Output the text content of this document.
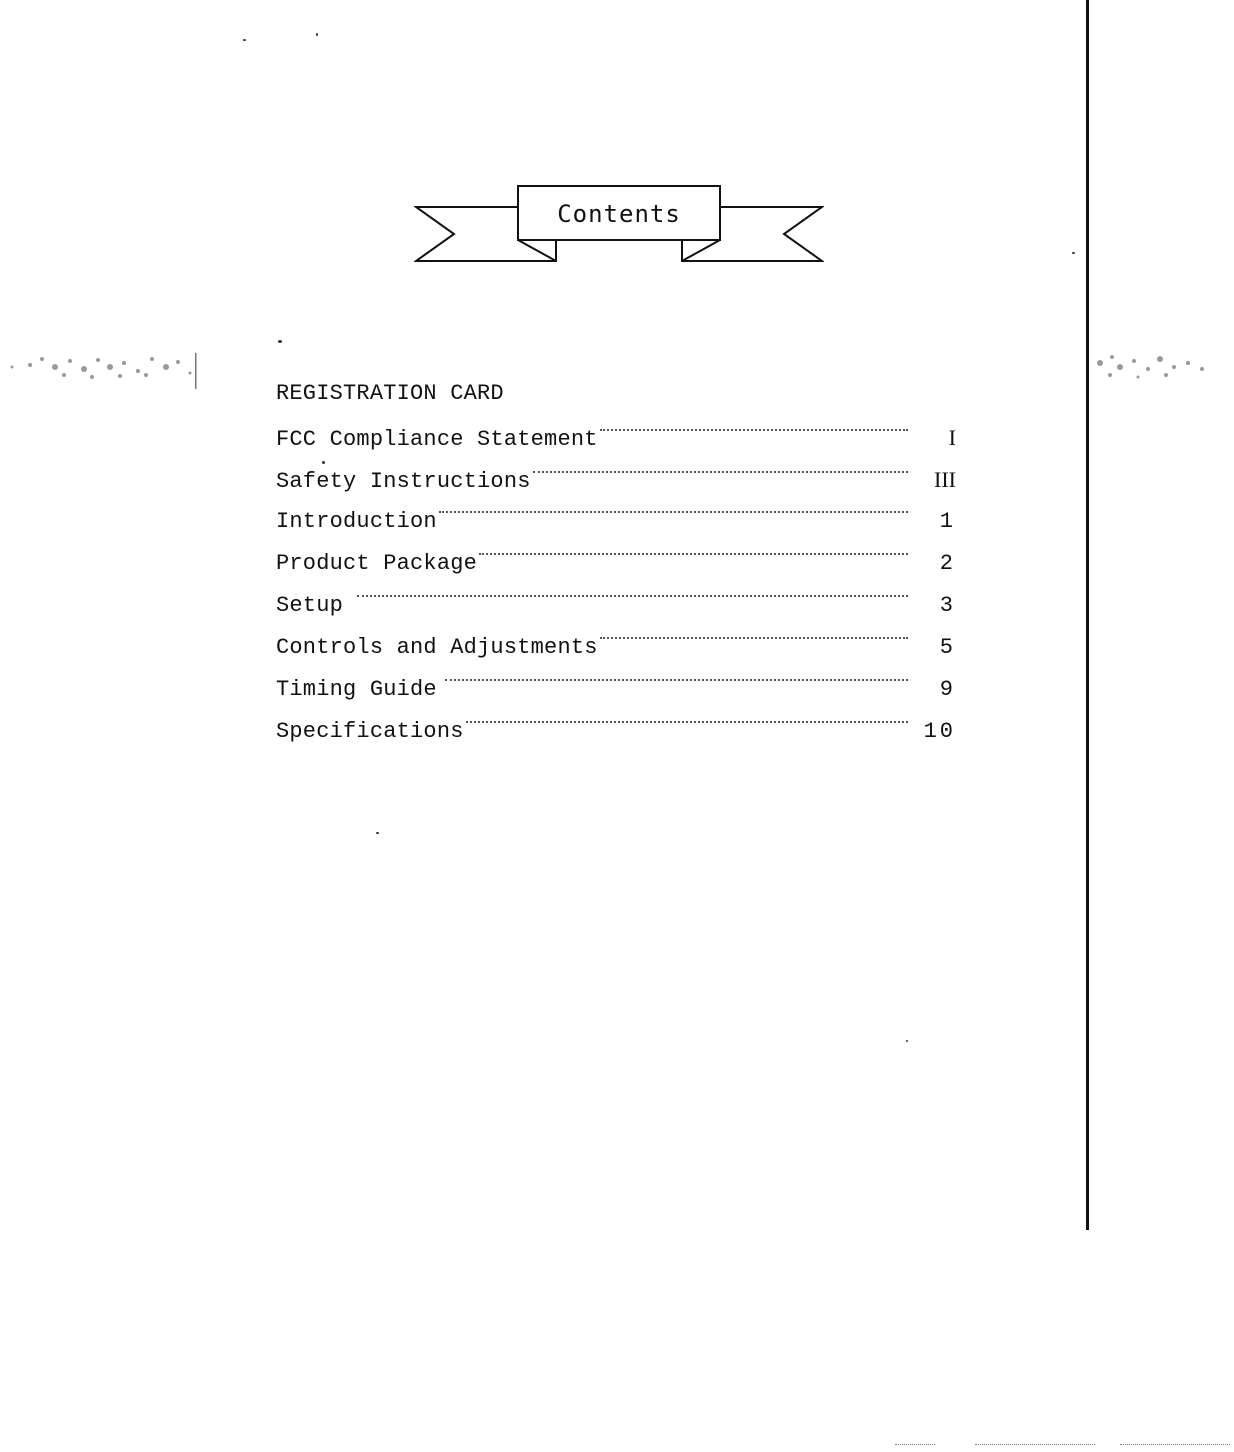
Contents
REGISTRATION CARD
FCC Compliance Statement	I
Safety Instructions	III
Introduction	1
Product Package	2
Setup	3
Controls and Adjustments	5
Timing Guide	9
Specifications	10
